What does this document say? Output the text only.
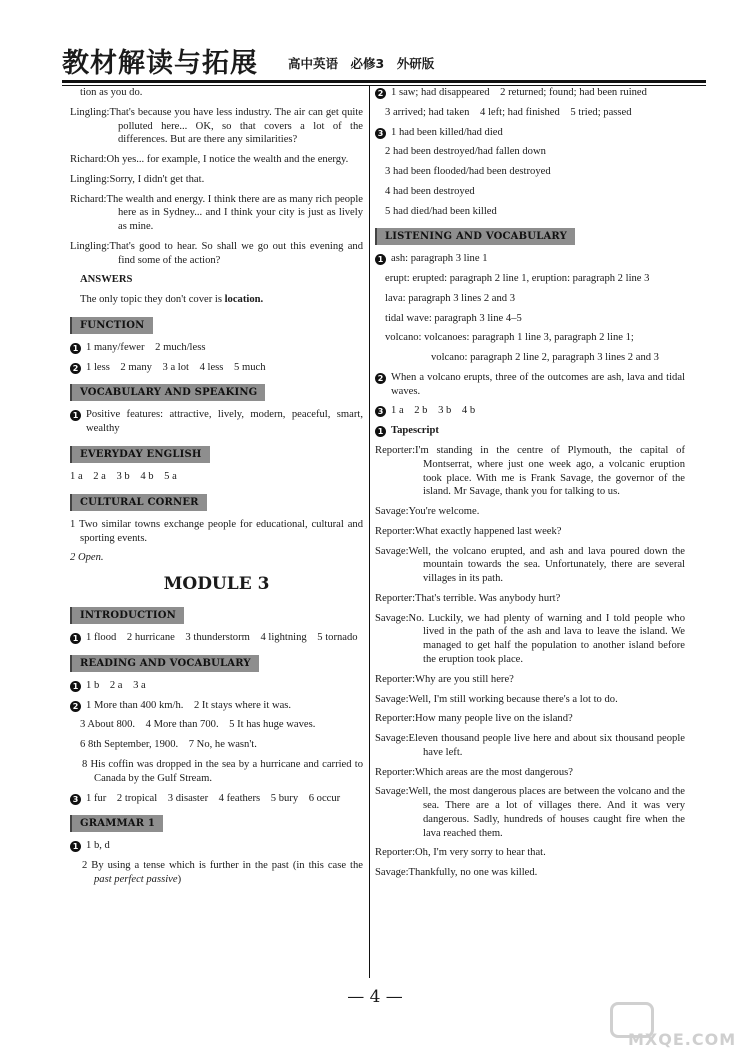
教材解读与拓展 高中英语　必修3　外研版

tion as you do.

Lingling:That's because you have less industry. The air can get quite polluted here... OK, so that covers a lot of the differences. But are there any similarities?

Richard:Oh yes... for example, I notice the wealth and the energy.

Lingling:Sorry, I didn't get that.

Richard:The wealth and energy. I think there are as many rich people here as in Sydney... and I think your city is just as lively as mine.

Lingling:That's good to hear. So shall we go out this evening and find some of the action?

ANSWERS

The only topic they don't cover is location.

FUNCTION

1 1 many/fewer　2 much/less

2 1 less　2 many　3 a lot　4 less　5 much

VOCABULARY AND SPEAKING

1 Positive features: attractive, lively, modern, peaceful, smart, wealthy

EVERYDAY ENGLISH

1 a　2 a　3 b　4 b　5 a

CULTURAL CORNER

1 Two similar towns exchange people for educational, cultural and sporting events.

2 Open.

MODULE 3
INTRODUCTION

1 1 flood　2 hurricane　3 thunderstorm　4 lightning　5 tornado

READING AND VOCABULARY

1 1 b　2 a　3 a

2 1 More than 400 km/h.　2 It stays where it was.

3 About 800.　4 More than 700.　5 It has huge waves.

6 8th September, 1900.　7 No, he wasn't.

8 His coffin was dropped in the sea by a hurricane and carried to Canada by the Gulf Stream.

3 1 fur　2 tropical　3 disaster　4 feathers　5 bury　6 occur

GRAMMAR 1

1 1 b, d

2 By using a tense which is further in the past (in this case the past perfect passive)

2 1 saw; had disappeared　2 returned; found; had been ruined

3 arrived; had taken　4 left; had finished　5 tried; passed

3 1 had been killed/had died

2 had been destroyed/had fallen down

3 had been flooded/had been destroyed

4 had been destroyed

5 had died/had been killed

LISTENING AND VOCABULARY

1 ash: paragraph 3 line 1

erupt: erupted: paragraph 2 line 1, eruption: paragraph 2 line 3

lava: paragraph 3 lines 2 and 3

tidal wave: paragraph 3 line 4–5

volcano: volcanoes: paragraph 1 line 3, paragraph 2 line 1;

volcano: paragraph 2 line 2, paragraph 3 lines 2 and 3

2 When a volcano erupts, three of the outcomes are ash, lava and tidal waves.

3 1 a　2 b　3 b　4 b

1 Tapescript

Reporter:I'm standing in the centre of Plymouth, the capital of Montserrat, where just one week ago, a volcanic eruption took place. With me is Frank Savage, the governor of the island. Mr Savage, thank you for talking to us.

Savage:You're welcome.

Reporter:What exactly happened last week?

Savage:Well, the volcano erupted, and ash and lava poured down the mountain towards the sea. Unfortunately, there are several villages in its path.

Reporter:That's terrible. Was anybody hurt?

Savage:No. Luckily, we had plenty of warning and I told people who lived in the path of the ash and lava to leave the island. We managed to get half the population to another island before the eruption took place.

Reporter:Why are you still here?

Savage:Well, I'm still working because there's a lot to do.

Reporter:How many people live on the island?

Savage:Eleven thousand people live here and about six thousand people have left.

Reporter:Which areas are the most dangerous?

Savage:Well, the most dangerous places are between the volcano and the sea. There are a lot of villages there. And it was very dangerous. Sadly, hundreds of houses caught fire when the lava reached them.

Reporter:Oh, I'm very sorry to hear that.

Savage:Thankfully, no one was killed.

— 4 —
MXQE.COM
